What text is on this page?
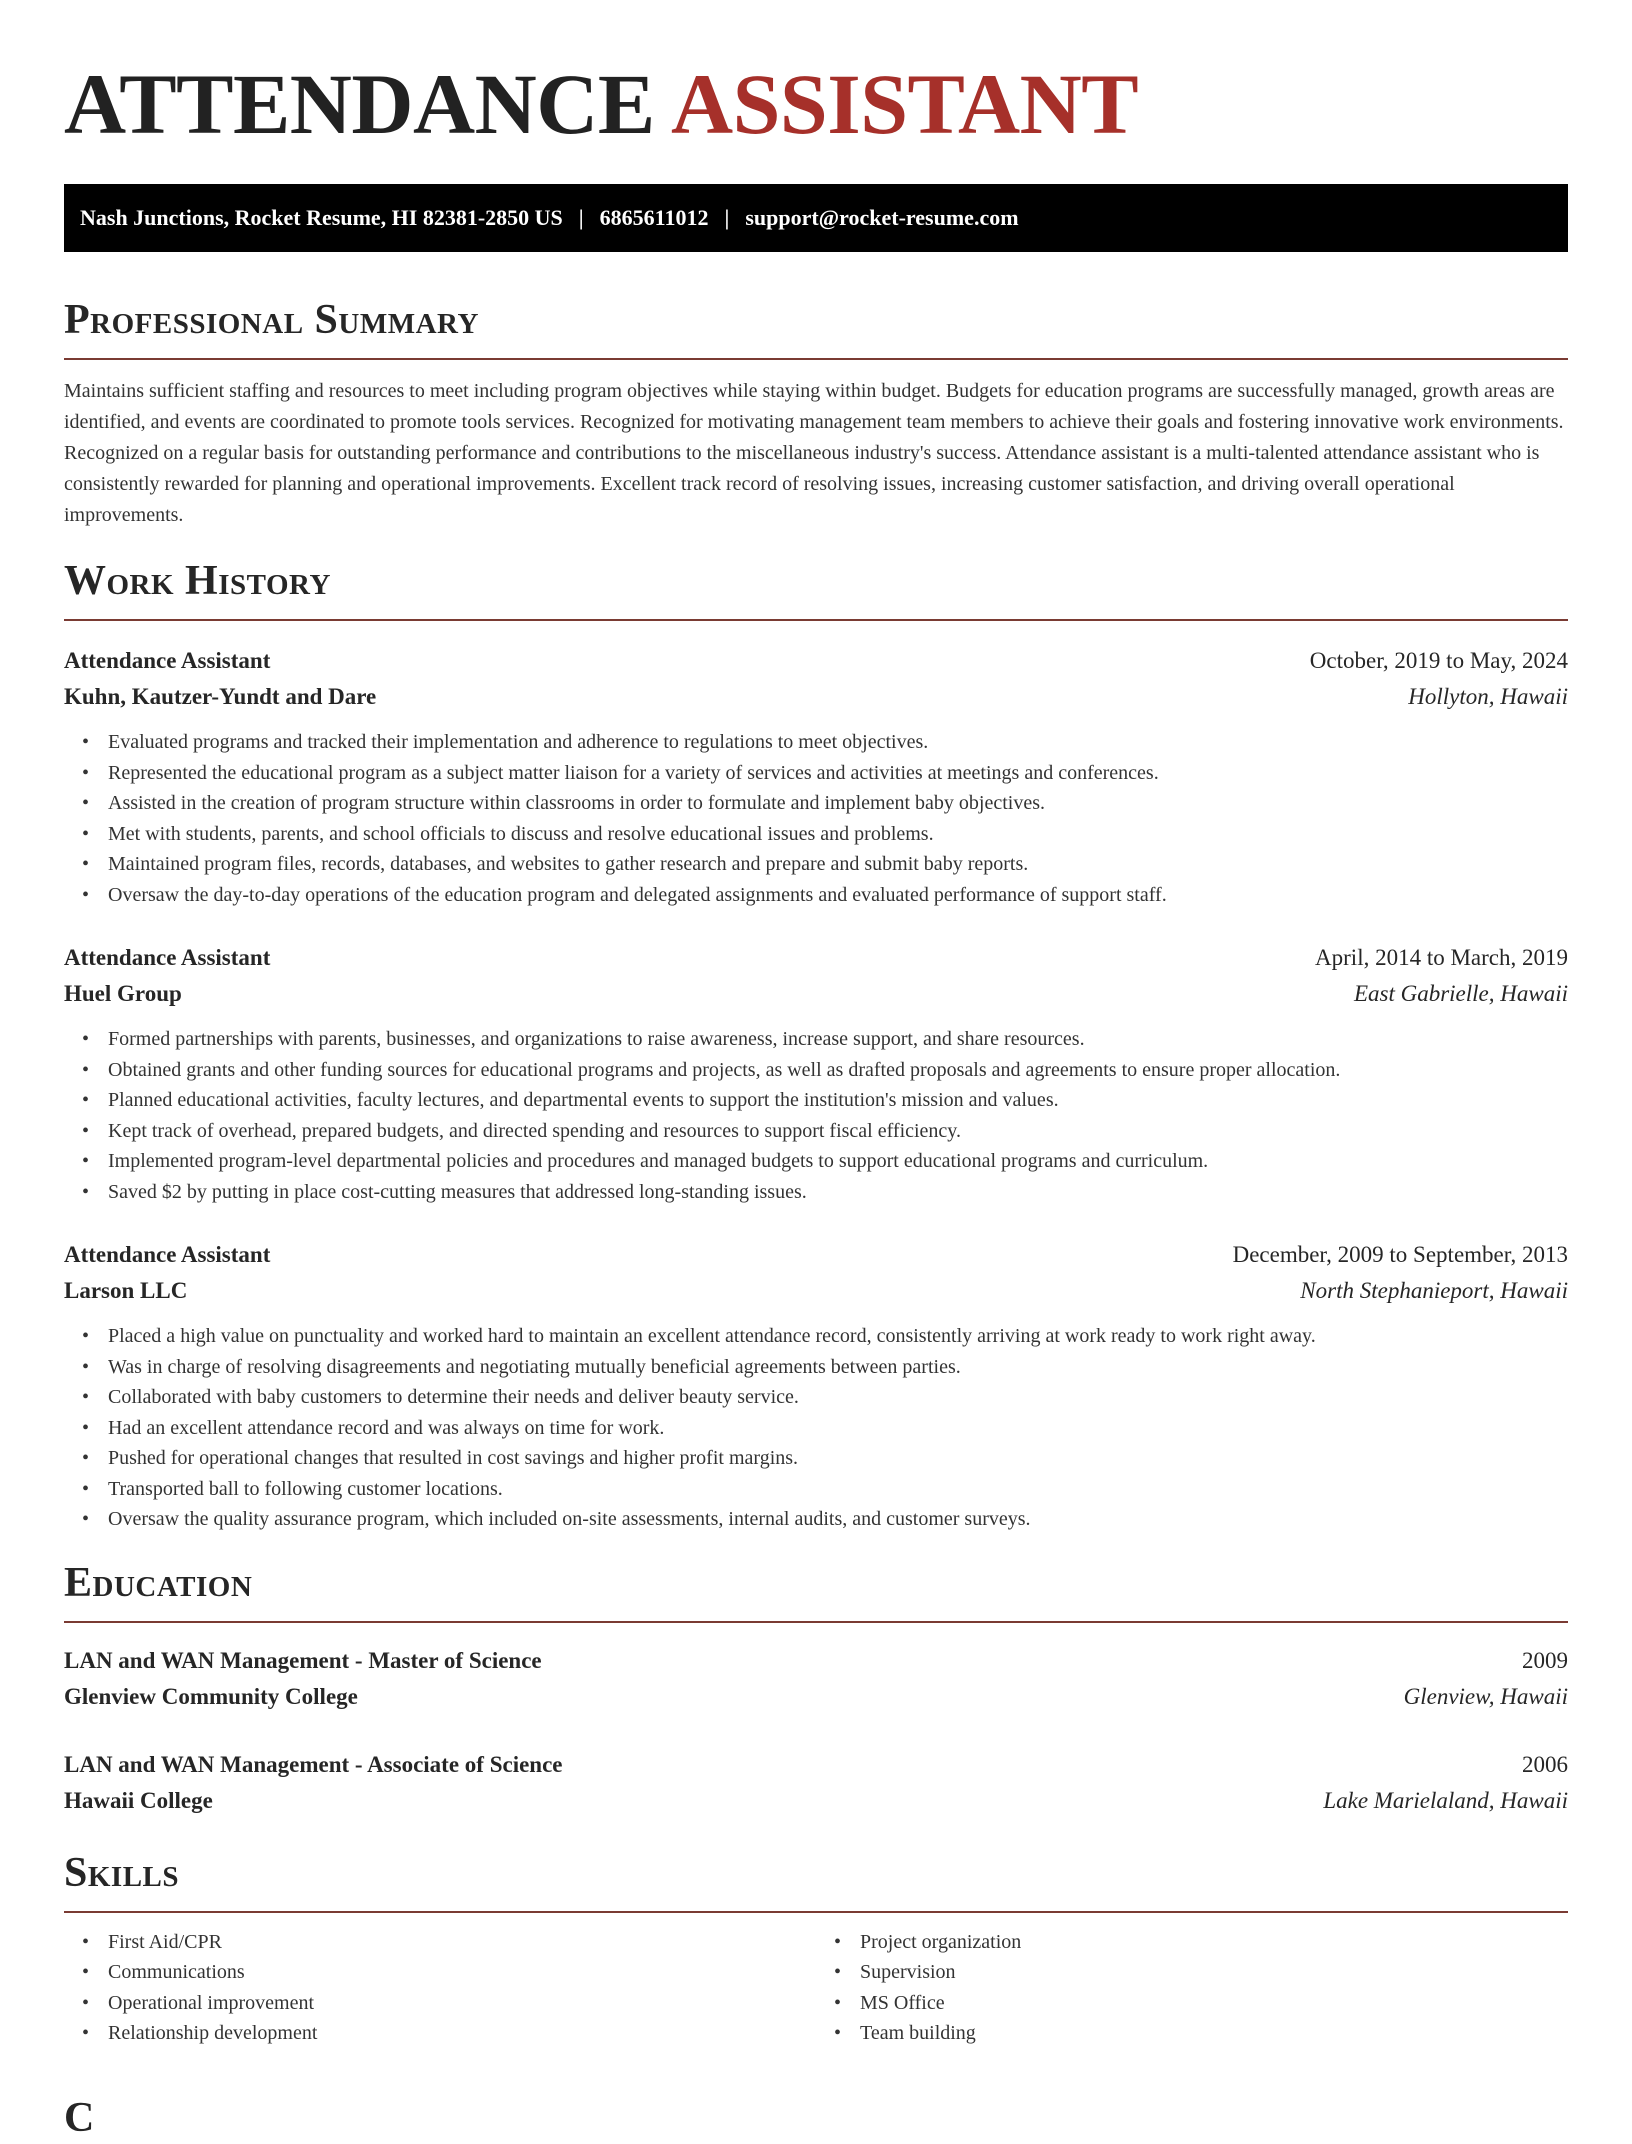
ATTENDANCE ASSISTANT
Nash Junctions, Rocket Resume, HI 82381-2850 US | 6865611012 | support@rocket-resume.com
Professional Summary
Maintains sufficient staffing and resources to meet including program objectives while staying within budget. Budgets for education programs are successfully managed, growth areas are identified, and events are coordinated to promote tools services. Recognized for motivating management team members to achieve their goals and fostering innovative work environments. Recognized on a regular basis for outstanding performance and contributions to the miscellaneous industry's success. Attendance assistant is a multi-talented attendance assistant who is consistently rewarded for planning and operational improvements. Excellent track record of resolving issues, increasing customer satisfaction, and driving overall operational improvements.
Work History
Attendance Assistant	October, 2019 to May, 2024
Kuhn, Kautzer-Yundt and Dare	Hollyton, Hawaii
• Evaluated programs and tracked their implementation and adherence to regulations to meet objectives.
• Represented the educational program as a subject matter liaison for a variety of services and activities at meetings and conferences.
• Assisted in the creation of program structure within classrooms in order to formulate and implement baby objectives.
• Met with students, parents, and school officials to discuss and resolve educational issues and problems.
• Maintained program files, records, databases, and websites to gather research and prepare and submit baby reports.
• Oversaw the day-to-day operations of the education program and delegated assignments and evaluated performance of support staff.
Attendance Assistant	April, 2014 to March, 2019
Huel Group	East Gabrielle, Hawaii
• Formed partnerships with parents, businesses, and organizations to raise awareness, increase support, and share resources.
• Obtained grants and other funding sources for educational programs and projects, as well as drafted proposals and agreements to ensure proper allocation.
• Planned educational activities, faculty lectures, and departmental events to support the institution's mission and values.
• Kept track of overhead, prepared budgets, and directed spending and resources to support fiscal efficiency.
• Implemented program-level departmental policies and procedures and managed budgets to support educational programs and curriculum.
• Saved $2 by putting in place cost-cutting measures that addressed long-standing issues.
Attendance Assistant	December, 2009 to September, 2013
Larson LLC	North Stephanieport, Hawaii
• Placed a high value on punctuality and worked hard to maintain an excellent attendance record, consistently arriving at work ready to work right away.
• Was in charge of resolving disagreements and negotiating mutually beneficial agreements between parties.
• Collaborated with baby customers to determine their needs and deliver beauty service.
• Had an excellent attendance record and was always on time for work.
• Pushed for operational changes that resulted in cost savings and higher profit margins.
• Transported ball to following customer locations.
• Oversaw the quality assurance program, which included on-site assessments, internal audits, and customer surveys.
Education
LAN and WAN Management - Master of Science	2009
Glenview Community College	Glenview, Hawaii
LAN and WAN Management - Associate of Science	2006
Hawaii College	Lake Marielaland, Hawaii
Skills
• First Aid/CPR
• Communications
• Operational improvement
• Relationship development
• Project organization
• Supervision
• MS Office
• Team building
C
